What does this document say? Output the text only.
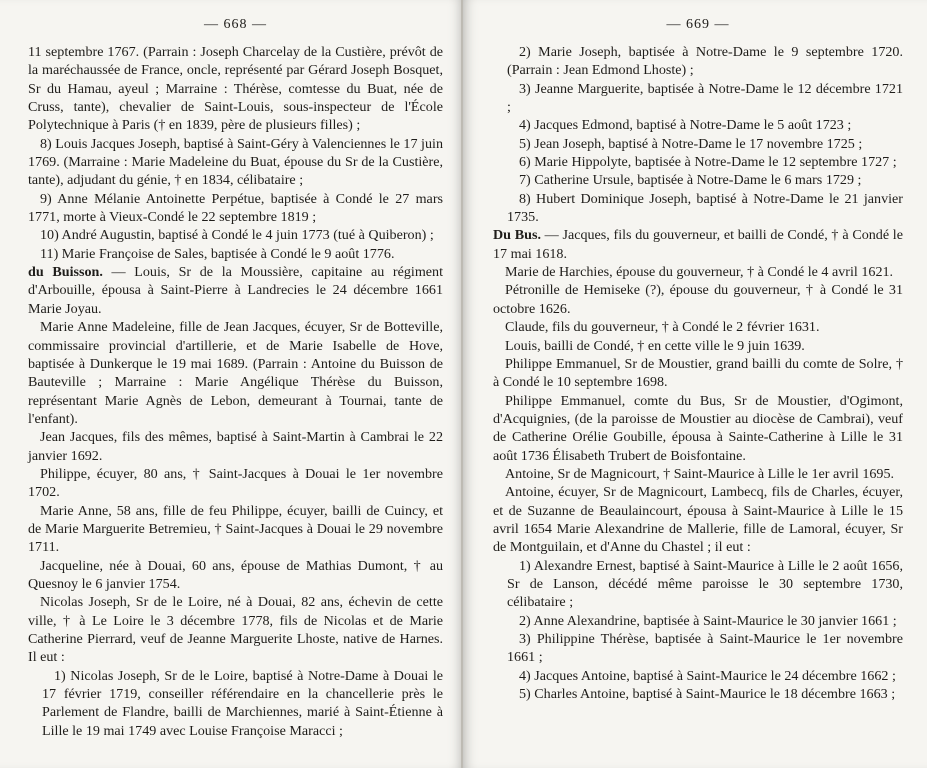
— 668 —

11 septembre 1767. (Parrain : Joseph Charcelay de la Custière, prévôt de la maréchaussée de France, oncle, représenté par Gérard Joseph Bosquet, Sr du Hamau, ayeul ; Marraine : Thérèse, comtesse du Buat, née de Cruss, tante), chevalier de Saint-Louis, sous-inspecteur de l'École Polytechnique à Paris († en 1839, père de plusieurs filles) ;

8) Louis Jacques Joseph, baptisé à Saint-Géry à Valenciennes le 17 juin 1769. (Marraine : Marie Madeleine du Buat, épouse du Sr de la Custière, tante), adjudant du génie, † en 1834, célibataire ;

9) Anne Mélanie Antoinette Perpétue, baptisée à Condé le 27 mars 1771, morte à Vieux-Condé le 22 septembre 1819 ;

10) André Augustin, baptisé à Condé le 4 juin 1773 (tué à Quiberon) ;

11) Marie Françoise de Sales, baptisée à Condé le 9 août 1776.

du Buisson. — Louis, Sr de la Moussière, capitaine au régiment d'Arbouille, épousa à Saint-Pierre à Landrecies le 24 décembre 1661 Marie Joyau.

Marie Anne Madeleine, fille de Jean Jacques, écuyer, Sr de Botteville, commissaire provincial d'artillerie, et de Marie Isabelle de Hove, baptisée à Dunkerque le 19 mai 1689. (Parrain : Antoine du Buisson de Bauteville ; Marraine : Marie Angélique Thérèse du Buisson, représentant Marie Agnès de Lebon, demeurant à Tournai, tante de l'enfant).

Jean Jacques, fils des mêmes, baptisé à Saint-Martin à Cambrai le 22 janvier 1692.

Philippe, écuyer, 80 ans, † Saint-Jacques à Douai le 1er novembre 1702.

Marie Anne, 58 ans, fille de feu Philippe, écuyer, bailli de Cuincy, et de Marie Marguerite Betremieu, † Saint-Jacques à Douai le 29 novembre 1711.

Jacqueline, née à Douai, 60 ans, épouse de Mathias Dumont, † au Quesnoy le 6 janvier 1754.

Nicolas Joseph, Sr de le Loire, né à Douai, 82 ans, échevin de cette ville, † à Le Loire le 3 décembre 1778, fils de Nicolas et de Marie Catherine Pierrard, veuf de Jeanne Marguerite Lhoste, native de Harnes. Il eut :

1) Nicolas Joseph, Sr de le Loire, baptisé à Notre-Dame à Douai le 17 février 1719, conseiller référendaire en la chancellerie près le Parlement de Flandre, bailli de Marchiennes, marié à Saint-Étienne à Lille le 19 mai 1749 avec Louise Françoise Maracci ;

— 669 —

2) Marie Joseph, baptisée à Notre-Dame le 9 septembre 1720. (Parrain : Jean Edmond Lhoste) ;

3) Jeanne Marguerite, baptisée à Notre-Dame le 12 décembre 1721 ;

4) Jacques Edmond, baptisé à Notre-Dame le 5 août 1723 ;

5) Jean Joseph, baptisé à Notre-Dame le 17 novembre 1725 ;

6) Marie Hippolyte, baptisée à Notre-Dame le 12 septembre 1727 ;

7) Catherine Ursule, baptisée à Notre-Dame le 6 mars 1729 ;

8) Hubert Dominique Joseph, baptisé à Notre-Dame le 21 janvier 1735.

Du Bus. — Jacques, fils du gouverneur, et bailli de Condé, † à Condé le 17 mai 1618.

Marie de Harchies, épouse du gouverneur, † à Condé le 4 avril 1621.

Pétronille de Hemiseke (?), épouse du gouverneur, † à Condé le 31 octobre 1626.

Claude, fils du gouverneur, † à Condé le 2 février 1631.

Louis, bailli de Condé, † en cette ville le 9 juin 1639.

Philippe Emmanuel, Sr de Moustier, grand bailli du comte de Solre, † à Condé le 10 septembre 1698.

Philippe Emmanuel, comte du Bus, Sr de Moustier, d'Ogimont, d'Acquignies, (de la paroisse de Moustier au diocèse de Cambrai), veuf de Catherine Orélie Goubille, épousa à Sainte-Catherine à Lille le 31 août 1736 Élisabeth Trubert de Boisfontaine.

Antoine, Sr de Magnicourt, † Saint-Maurice à Lille le 1er avril 1695.

Antoine, écuyer, Sr de Magnicourt, Lambecq, fils de Charles, écuyer, et de Suzanne de Beaulaincourt, épousa à Saint-Maurice à Lille le 15 avril 1654 Marie Alexandrine de Mallerie, fille de Lamoral, écuyer, Sr de Montguilain, et d'Anne du Chastel ; il eut :

1) Alexandre Ernest, baptisé à Saint-Maurice à Lille le 2 août 1656, Sr de Lanson, décédé même paroisse le 30 septembre 1730, célibataire ;

2) Anne Alexandrine, baptisée à Saint-Maurice le 30 janvier 1661 ;

3) Philippine Thérèse, baptisée à Saint-Maurice le 1er novembre 1661 ;

4) Jacques Antoine, baptisé à Saint-Maurice le 24 décembre 1662 ;

5) Charles Antoine, baptisé à Saint-Maurice le 18 décembre 1663 ;
